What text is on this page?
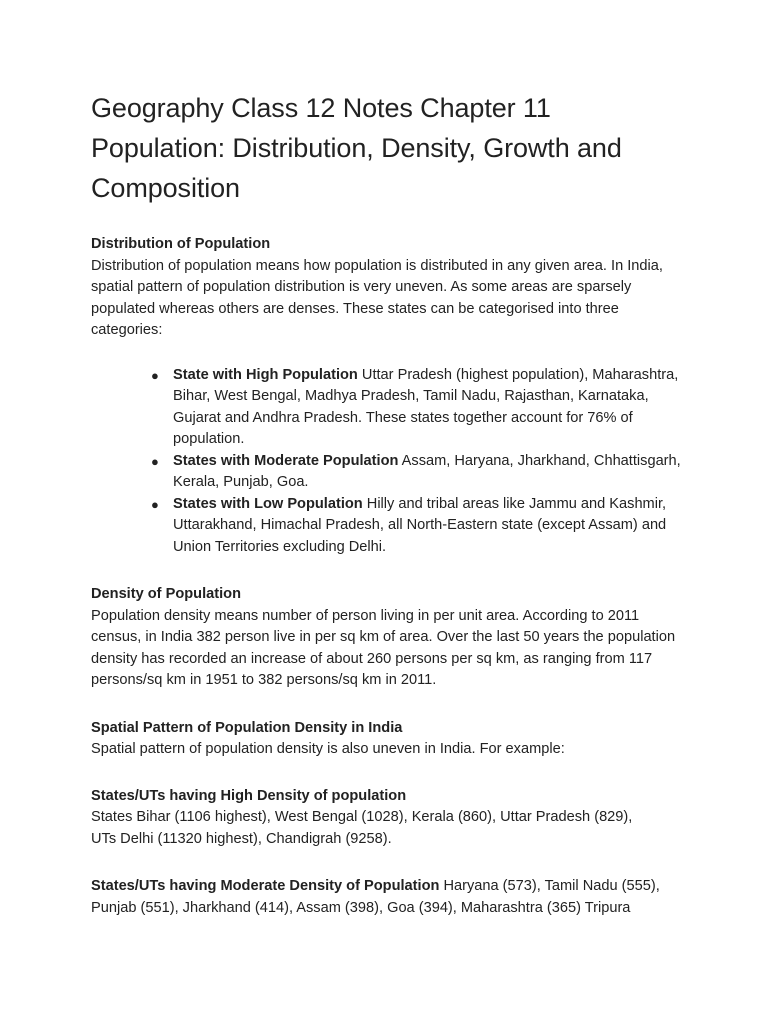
Geography Class 12 Notes Chapter 11 Population: Distribution, Density, Growth and Composition
Distribution of Population

Distribution of population means how population is distributed in any given area. In India, spatial pattern of population distribution is very uneven. As some areas are sparsely populated whereas others are denses. These states can be categorised into three categories:

● State with High Population Uttar Pradesh (highest population), Maharashtra, Bihar, West Bengal, Madhya Pradesh, Tamil Nadu, Rajasthan, Karnataka, Gujarat and Andhra Pradesh. These states together account for 76% of population.
● States with Moderate Population Assam, Haryana, Jharkhand, Chhattisgarh, Kerala, Punjab, Goa.
● States with Low Population Hilly and tribal areas like Jammu and Kashmir, Uttarakhand, Himachal Pradesh, all North-Eastern state (except Assam) and Union Territories excluding Delhi.
Density of Population

Population density means number of person living in per unit area. According to 2011 census, in India 382 person live in per sq km of area. Over the last 50 years the population density has recorded an increase of about 260 persons per sq km, as ranging from 117 persons/sq km in 1951 to 382 persons/sq km in 2011.

Spatial Pattern of Population Density in India

Spatial pattern of population density is also uneven in India. For example:

States/UTs having High Density of population

States Bihar (1106 highest), West Bengal (1028), Kerala (860), Uttar Pradesh (829),

UTs Delhi (11320 highest), Chandigrah (9258).

States/UTs having Moderate Density of Population Haryana (573), Tamil Nadu (555), Punjab (551), Jharkhand (414), Assam (398), Goa (394), Maharashtra (365) Tripura
